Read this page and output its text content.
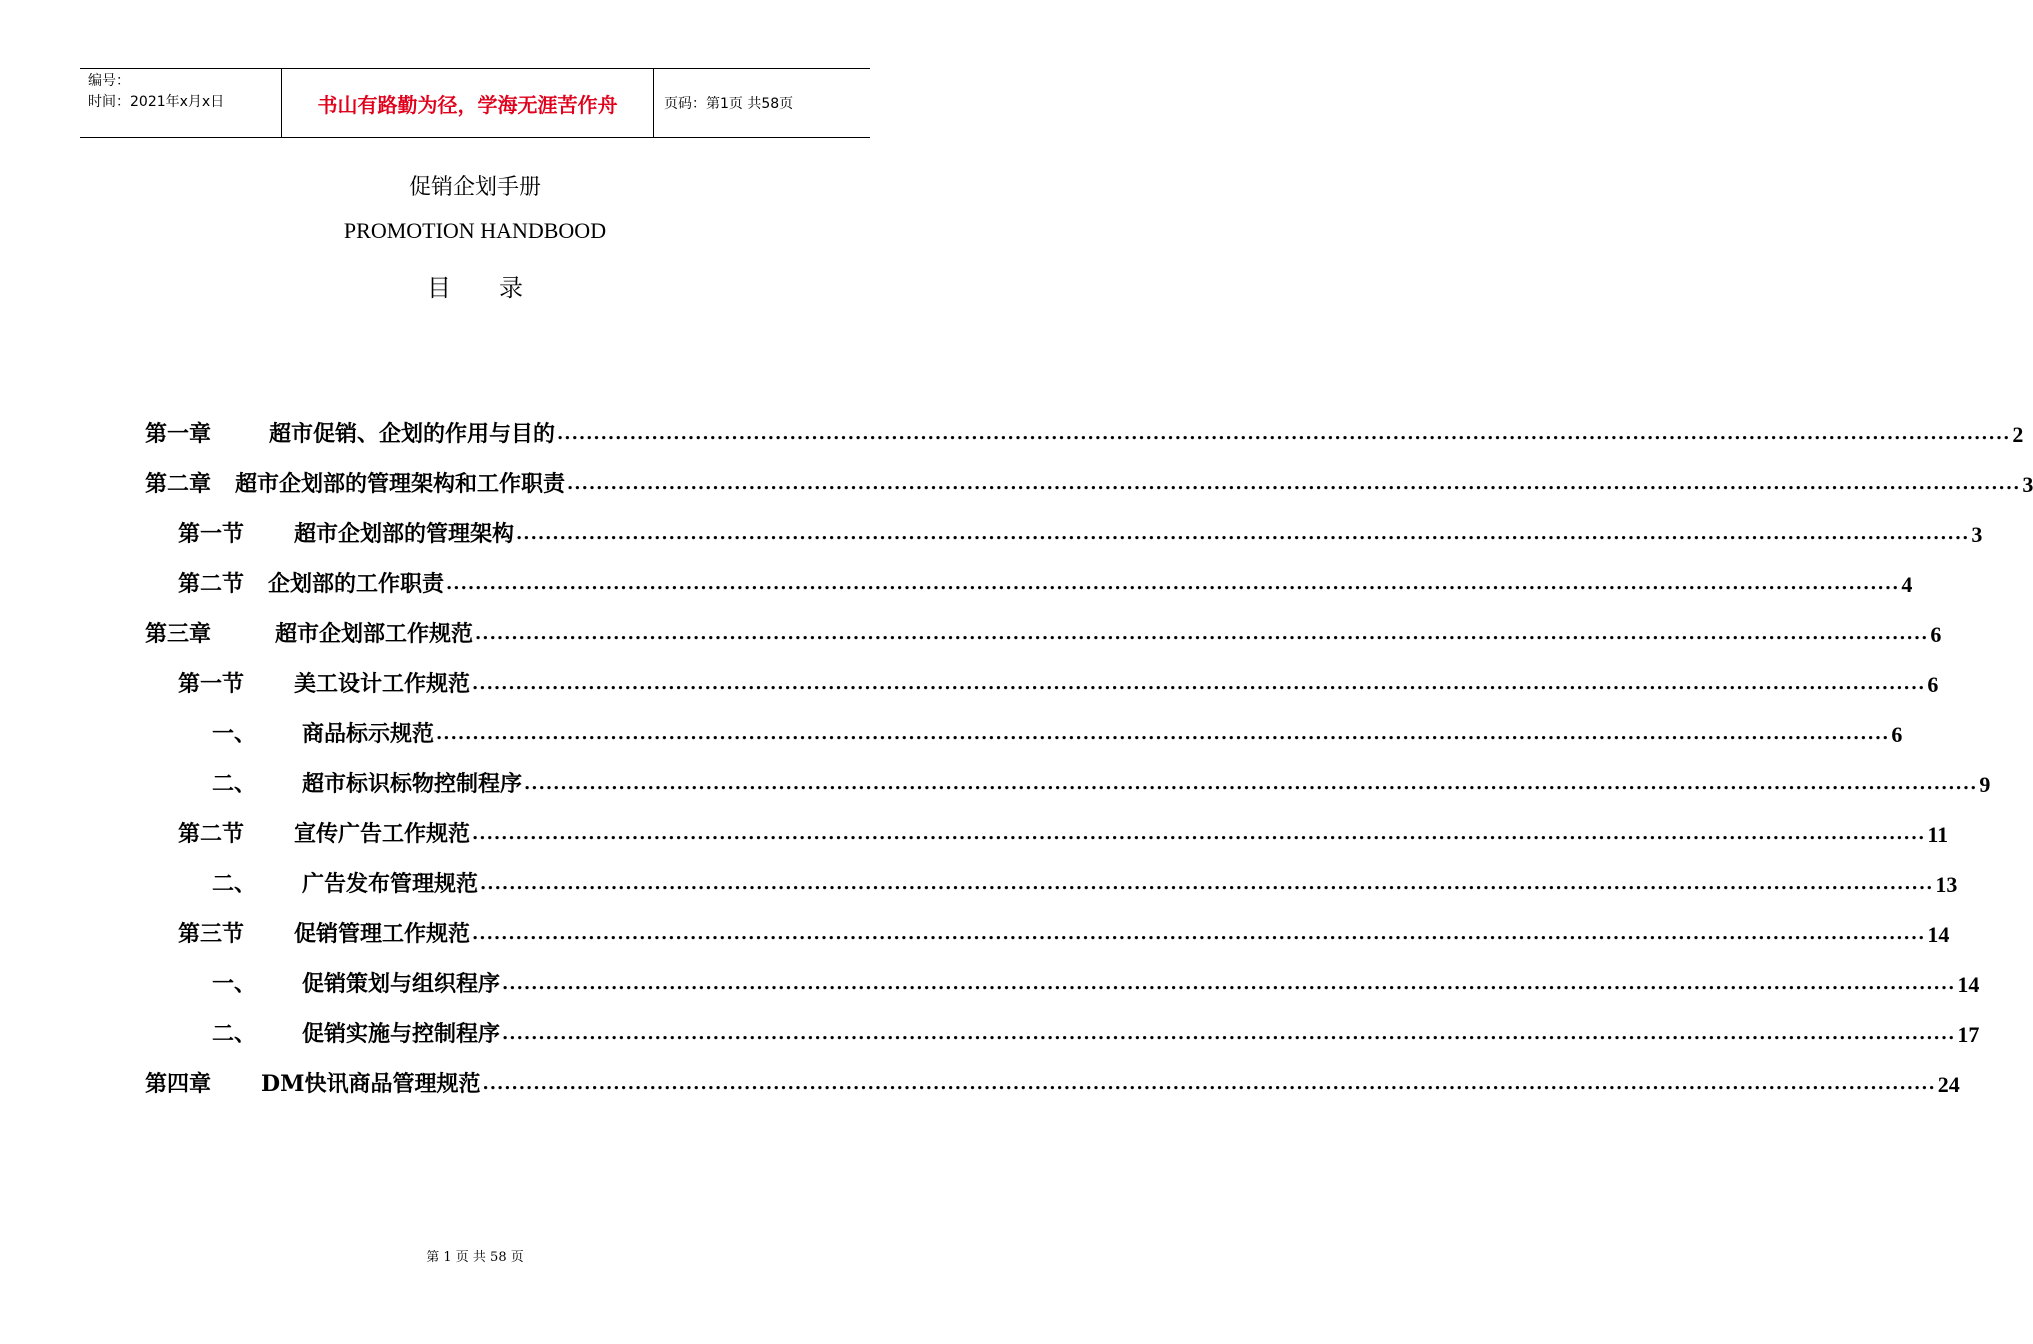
编号：
时间：2021年x月x日	书山有路勤为径，学海无涯苦作舟	页码：第1页 共58页
促销企划手册
PROMOTION HANDBOOD
目 录
第一章	超市促销、企划的作用与目的 ........................................................................................................................................................................................................ 2
第二章 超市企划部的管理架构和工作职责 ........................................................................................................................................................................................................ 3
第一节 超市企划部的管理架构 ........................................................................................................................................................................................................ 3
第二节 企划部的工作职责 ........................................................................................................................................................................................................ 4
第三章	超市企划部工作规范 ........................................................................................................................................................................................................ 6
第一节 美工设计工作规范 ........................................................................................................................................................................................................ 6
一、 商品标示规范 ........................................................................................................................................................................................................ 6
二、 超市标识标物控制程序 ........................................................................................................................................................................................................ 9
第二节 宣传广告工作规范 ........................................................................................................................................................................................................ 11
二、 广告发布管理规范 ........................................................................................................................................................................................................ 13
第三节 促销管理工作规范 ........................................................................................................................................................................................................ 14
一、 促销策划与组织程序 ........................................................................................................................................................................................................ 14
二、 促销实施与控制程序 ........................................................................................................................................................................................................ 17
第四章 DM快讯商品管理规范 ........................................................................................................................................................................................................ 24
第 1 页 共 58 页
